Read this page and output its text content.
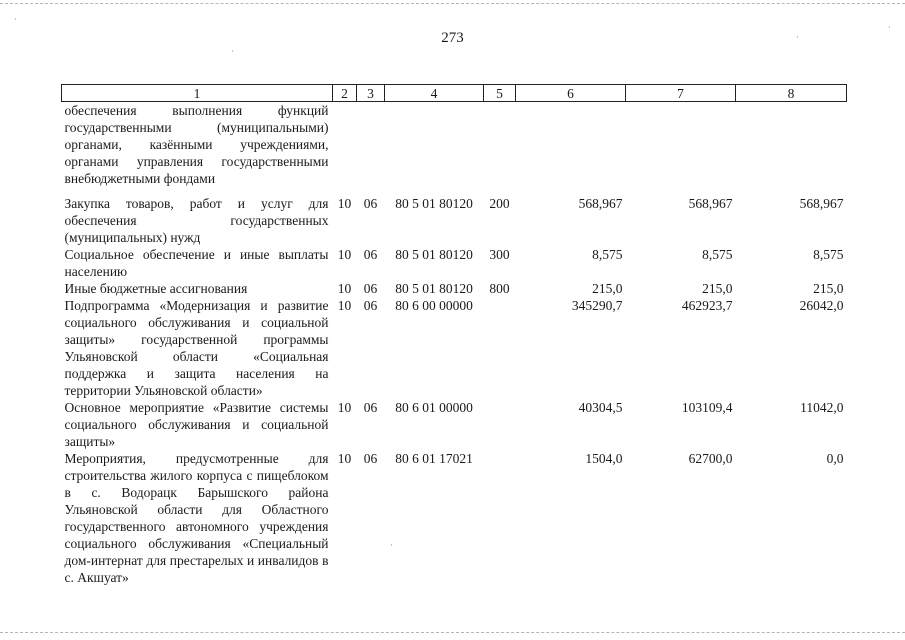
273
·
·
·
·
·
1	2	3	4	5	6	7	8
обеспечения выполнения функций государственными (муниципальными) органами, казёнными учреждениями, органами управления государственными внебюджетными фондами							

Закупка товаров, работ и услуг для обеспечения государственных (муниципальных) нужд	10	06	80 5 01 80120	200	568,967	568,967	568,967
Социальное обеспечение и иные выплаты населению	10	06	80 5 01 80120	300	8,575	8,575	8,575
Иные бюджетные ассигнования	10	06	80 5 01 80120	800	215,0	215,0	215,0
Подпрограмма «Модернизация и развитие социального обслуживания и социальной защиты» государственной программы Ульяновской области «Социальная поддержка и защита населения на территории Ульяновской области»	10	06	80 6 00 00000		345290,7	462923,7	26042,0
Основное мероприятие «Развитие системы социального обслуживания и социальной защиты»	10	06	80 6 01 00000		40304,5	103109,4	11042,0
Мероприятия, предусмотренные для строительства жилого корпуса с пищеблоком в с. Водорацк Барышского района Ульяновской области для Областного государственного автономного учреждения социального обслуживания «Специальный дом-интернат для престарелых и инвалидов в с. Акшуат»	10	06	80 6 01 17021		1504,0	62700,0	0,0
